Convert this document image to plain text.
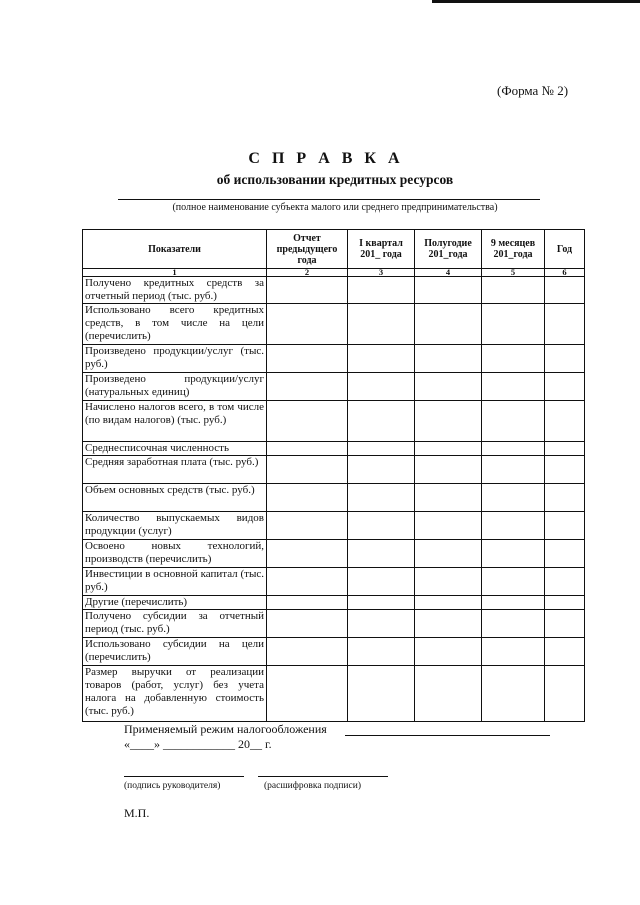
(Форма № 2)
С П Р А В К А
об использовании кредитных ресурсов
(полное наименование субъекта малого или среднего предпринимательства)
Показатели	Отчет предыдущего года	I квартал 201_ года	Полугодие 201_года	9 месяцев 201_года	Год
1	2	3	4	5	6
Получено кредитных средств за отчетный период (тыс. руб.)					
Использовано всего кредитных средств, в том числе на цели (перечислить)					
Произведено продукции/услуг (тыс. руб.)					
Произведено продукции/услуг (натуральных единиц)					
Начислено налогов всего, в том числе (по видам налогов) (тыс. руб.)					
Среднесписочная численность					
Средняя заработная плата (тыс. руб.)					
Объем основных средств (тыс. руб.)					
Количество выпускаемых видов продукции (услуг)					
Освоено новых технологий, производств (перечислить)					
Инвестиции в основной капитал (тыс. руб.)					
Другие (перечислить)					
Получено субсидии за отчетный период (тыс. руб.)					
Использовано субсидии на цели (перечислить)					
Размер выручки от реализации товаров (работ, услуг) без учета налога на добавленную стоимость (тыс. руб.)					
Применяемый режим налогообложения
«____» ____________ 20__ г.
(подпись руководителя)	(расшифровка подписи)
М.П.
